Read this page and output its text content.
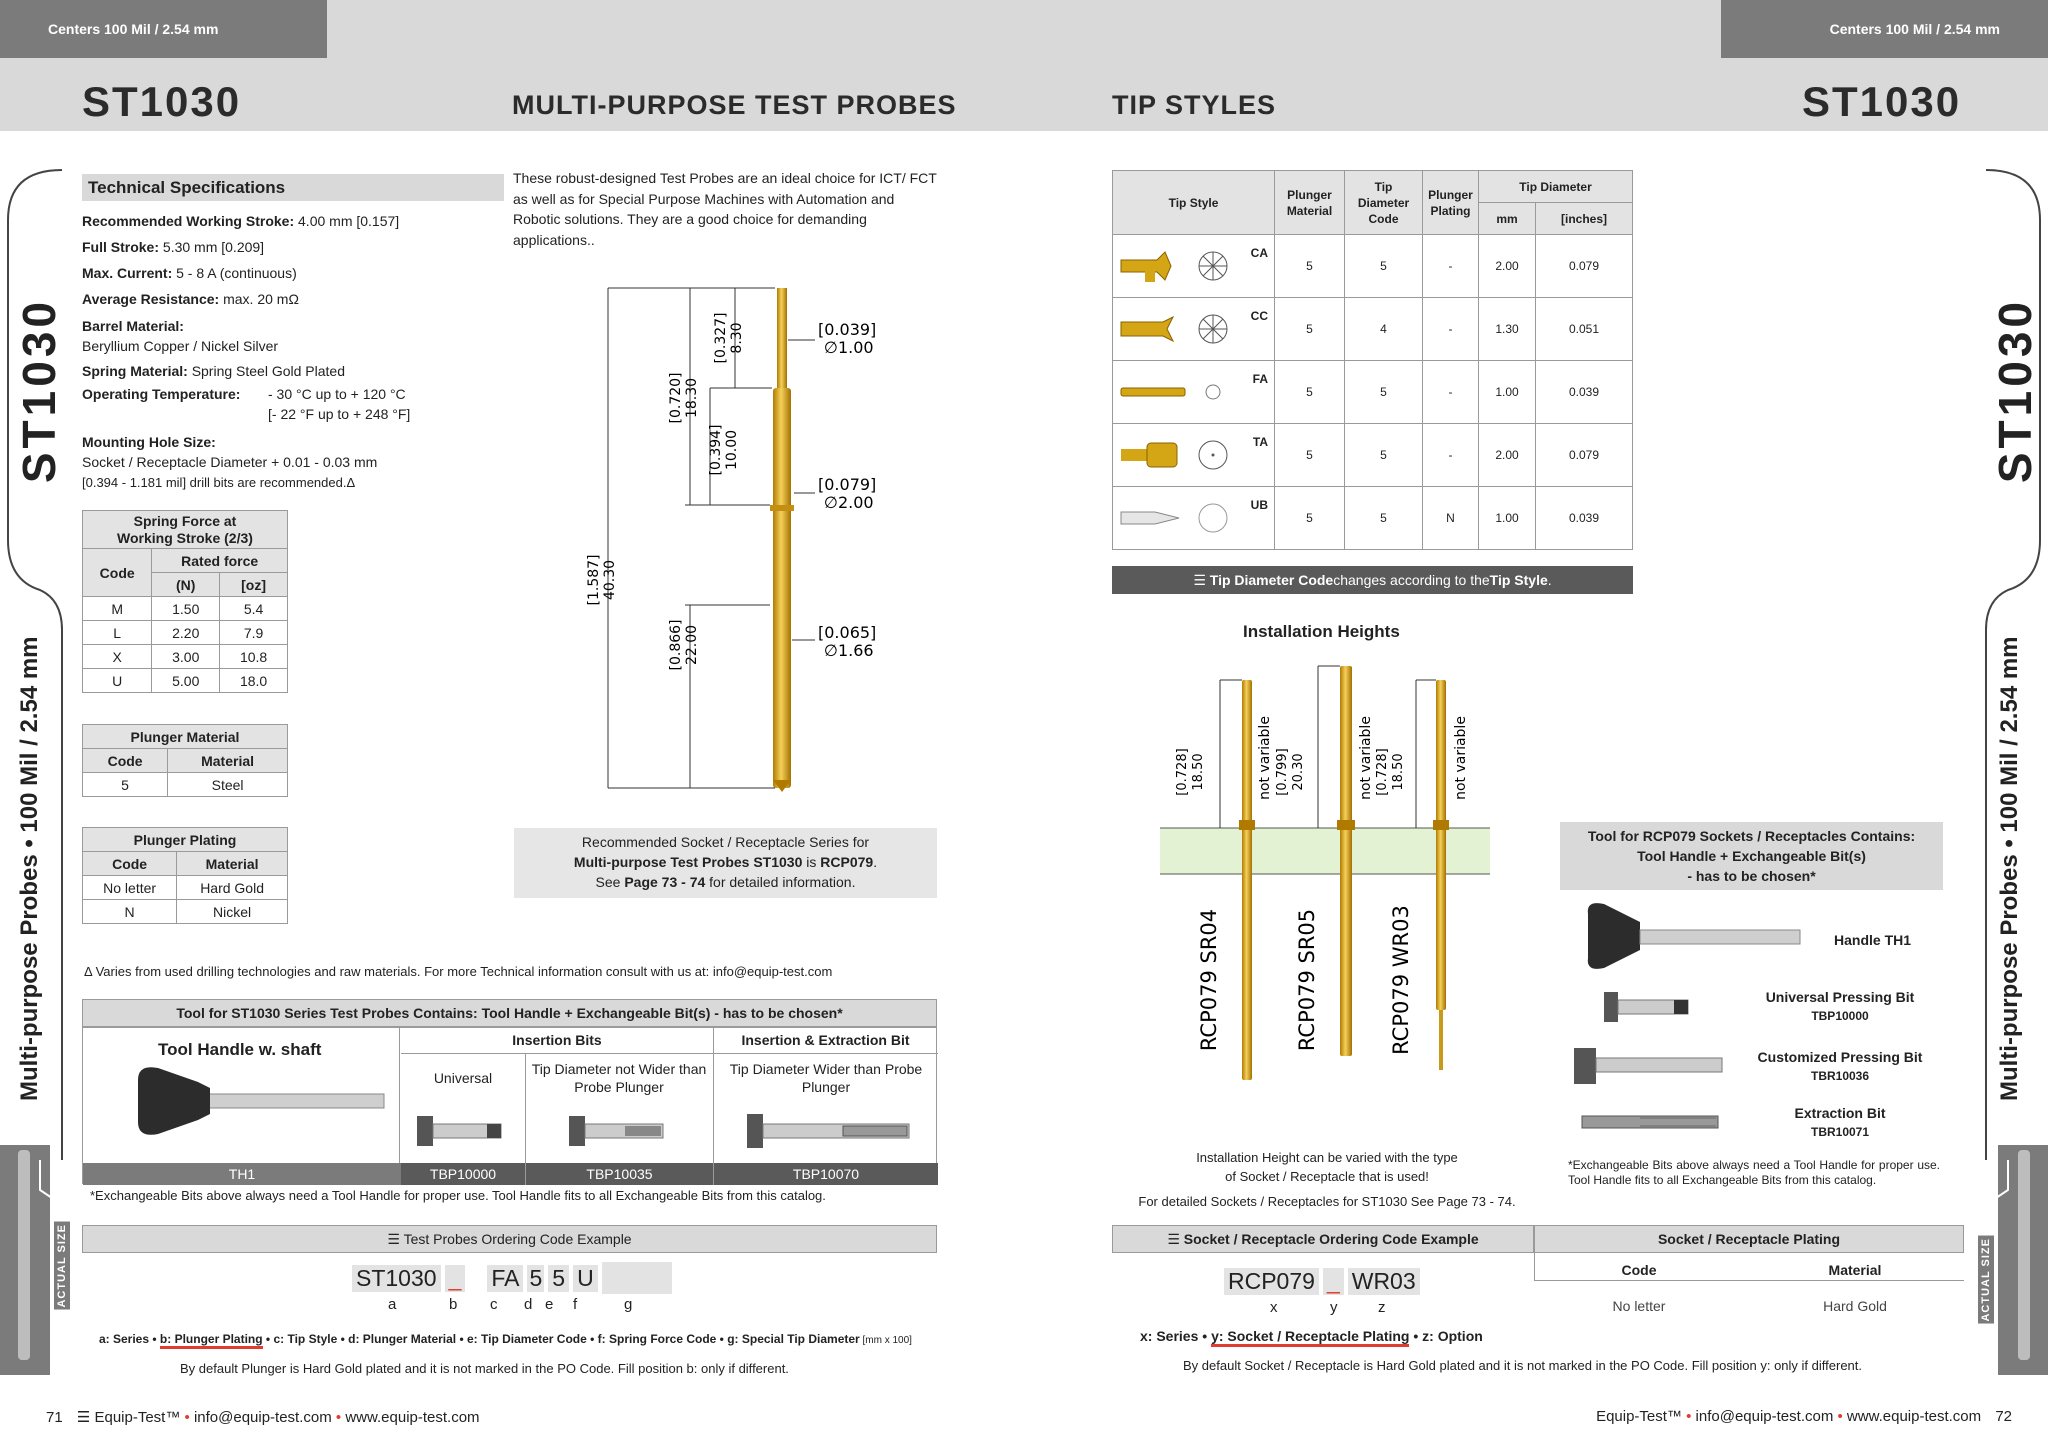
Centers 100 Mil / 2.54 mm	Centers 100 Mil / 2.54 mm
ST1030	ST1030
MULTI-PURPOSE TEST PROBES	TIP STYLES
ST1030
Multi-purpose Probes • 100 Mil / 2.54 mm
ACTUAL SIZE
ST1030
Multi-purpose Probes • 100 Mil / 2.54 mm
ACTUAL SIZE
Technical Specifications
Recommended Working Stroke: 4.00 mm [0.157]
Full Stroke: 5.30 mm [0.209]
Max. Current: 5 - 8 A (continuous)
Average Resistance: max. 20 mΩ
Barrel Material:
Beryllium Copper / Nickel Silver
Spring Material: Spring Steel Gold Plated
Operating Temperature:	- 30 °C up to + 120 °C
[- 22 °F up to + 248 °F]
Mounting Hole Size:
Socket / Receptacle Diameter + 0.01 - 0.03 mm
[0.394 - 1.181 mil] drill bits are recommended.Δ
These robust-designed Test Probes are an ideal choice for ICT/ FCT as well as for Special Purpose Machines with Automation and Robotic solutions. They are a good choice for demanding applications..
[1.587] 40.30
[0.720] 18.30
[0.327] 8.30
[0.394] 10.00
[0.866] 22.00
[0.039]
∅1.00
[0.079]
∅2.00
[0.065]
∅1.66
Spring Force at
Working Stroke (2/3)		
Code	Rated force	
	(N)	[oz]
M	1.50	5.4
L	2.20	7.9
X	3.00	10.8
U	5.00	18.0
Plunger Material	
Code	Material
5	Steel
Plunger Plating	
Code	Material
No letter	Hard Gold
N	Nickel
Recommended Socket / Receptacle Series for
Multi-purpose Test Probes ST1030 is RCP079.
See Page 73 - 74 for detailed information.
Δ Varies from used drilling technologies and raw materials. For more Technical information consult with us at: info@equip-test.com
Tool for ST1030 Series Test Probes Contains: Tool Handle + Exchangeable Bit(s) - has to be chosen*
Tool Handle w. shaft	Insertion Bits	Insertion & Extraction Bit
Universal
Tip Diameter not Wider than Probe Plunger
Tip Diameter Wider than Probe Plunger
TH1	TBP10000	TBP10035	TBP10070
*Exchangeable Bits above always need a Tool Handle for proper use. Tool Handle fits to all Exchangeable Bits from this catalog.
☰ Test Probes Ordering Code Example
ST1030 _ FA 5 5 U
a	b c d e f	g
a: Series • b: Plunger Plating • c: Tip Style • d: Plunger Material • e: Tip Diameter Code • f: Spring Force Code • g: Special Tip Diameter [mm x 100]
By default Plunger is Hard Gold plated and it is not marked in the PO Code. Fill position b: only if different.
Tip Style	Plunger Material	Tip Diameter Code	Plunger Plating	Tip Diameter	
				mm	[inches]

CA	5	5	-	2.00	0.079

CC	5	4	-	1.30	0.051

FA	5	5	-	1.00	0.039

TA	5	5	-	2.00	0.079

UB	5	5	N	1.00	0.039
☰ Tip Diameter Code changes according to the Tip Style .
Installation Heights
[0.728] 18.50	[0.799] 20.30	[0.728] 18.50
not variable	not variable	not variable
RCP079 SR04	RCP079 SR05	RCP079 WR03
Installation Height can be varied with the type
of Socket / Receptacle that is used!
For detailed Sockets / Receptacles for ST1030 See Page 73 - 74.
Tool for RCP079 Sockets / Receptacles Contains:
Tool Handle + Exchangeable Bit(s)
- has to be chosen*
Handle TH1
Universal Pressing Bit
TBP10000
Customized Pressing Bit
TBR10036
Extraction Bit
TBR10071
*Exchangeable Bits above always need a Tool Handle for proper use. Tool Handle fits to all Exchangeable Bits from this catalog.
☰ Socket / Receptacle Ordering Code Example	Socket / Receptacle Plating
Code	Material
No letter	Hard Gold
RCP079 _ WR03
x	y	z
x: Series • y: Socket / Receptacle Plating • z: Option
By default Socket / Receptacle is Hard Gold plated and it is not marked in the PO Code. Fill position y: only if different.
71 ☰ Equip-Test™ • info@equip-test.com • www.equip-test.com	Equip-Test™ • info@equip-test.com • www.equip-test.com 72
